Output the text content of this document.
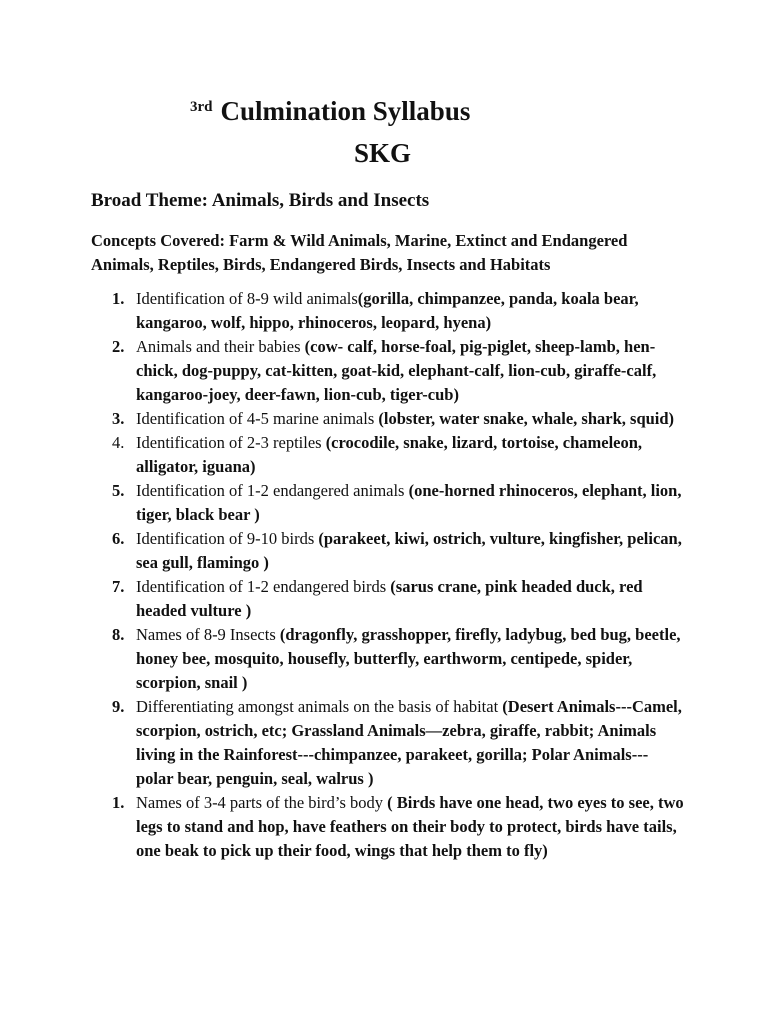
$^{3rd}$ Culmination Syllabus
SKG
Broad Theme: Animals, Birds and Insects
Concepts Covered: Farm & Wild Animals, Marine, Extinct and Endangered Animals, Reptiles, Birds, Endangered Birds, Insects and Habitats
1. Identification of 8-9 wild animals(gorilla, chimpanzee, panda, koala bear, kangaroo, wolf, hippo, rhinoceros, leopard, hyena)
2. Animals and their babies (cow- calf, horse-foal, pig-piglet, sheep-lamb, hen-chick, dog-puppy, cat-kitten, goat-kid, elephant-calf, lion-cub, giraffe-calf, kangaroo-joey, deer-fawn, lion-cub, tiger-cub)
3. Identification of 4-5 marine animals (lobster, water snake, whale, shark, squid)
4. Identification of 2-3 reptiles (crocodile, snake, lizard, tortoise, chameleon, alligator, iguana)
5. Identification of 1-2 endangered animals (one-horned rhinoceros, elephant, lion, tiger, black bear )
6. Identification of 9-10 birds (parakeet, kiwi, ostrich, vulture, kingfisher, pelican, sea gull, flamingo )
7. Identification of 1-2 endangered birds (sarus crane, pink headed duck, red headed vulture )
8. Names of 8-9 Insects (dragonfly, grasshopper, firefly, ladybug, bed bug, beetle, honey bee, mosquito, housefly, butterfly, earthworm, centipede, spider, scorpion, snail )
9. Differentiating amongst animals on the basis of habitat (Desert Animals---Camel, scorpion, ostrich, etc; Grassland Animals—zebra, giraffe, rabbit; Animals living in the Rainforest---chimpanzee, parakeet, gorilla; Polar Animals---polar bear, penguin, seal, walrus )
1. Names of 3-4 parts of the bird’s body ( Birds have one head, two eyes to see, two legs to stand and hop, have feathers on their body to protect, birds have tails, one beak to pick up their food, wings that help them to fly)
